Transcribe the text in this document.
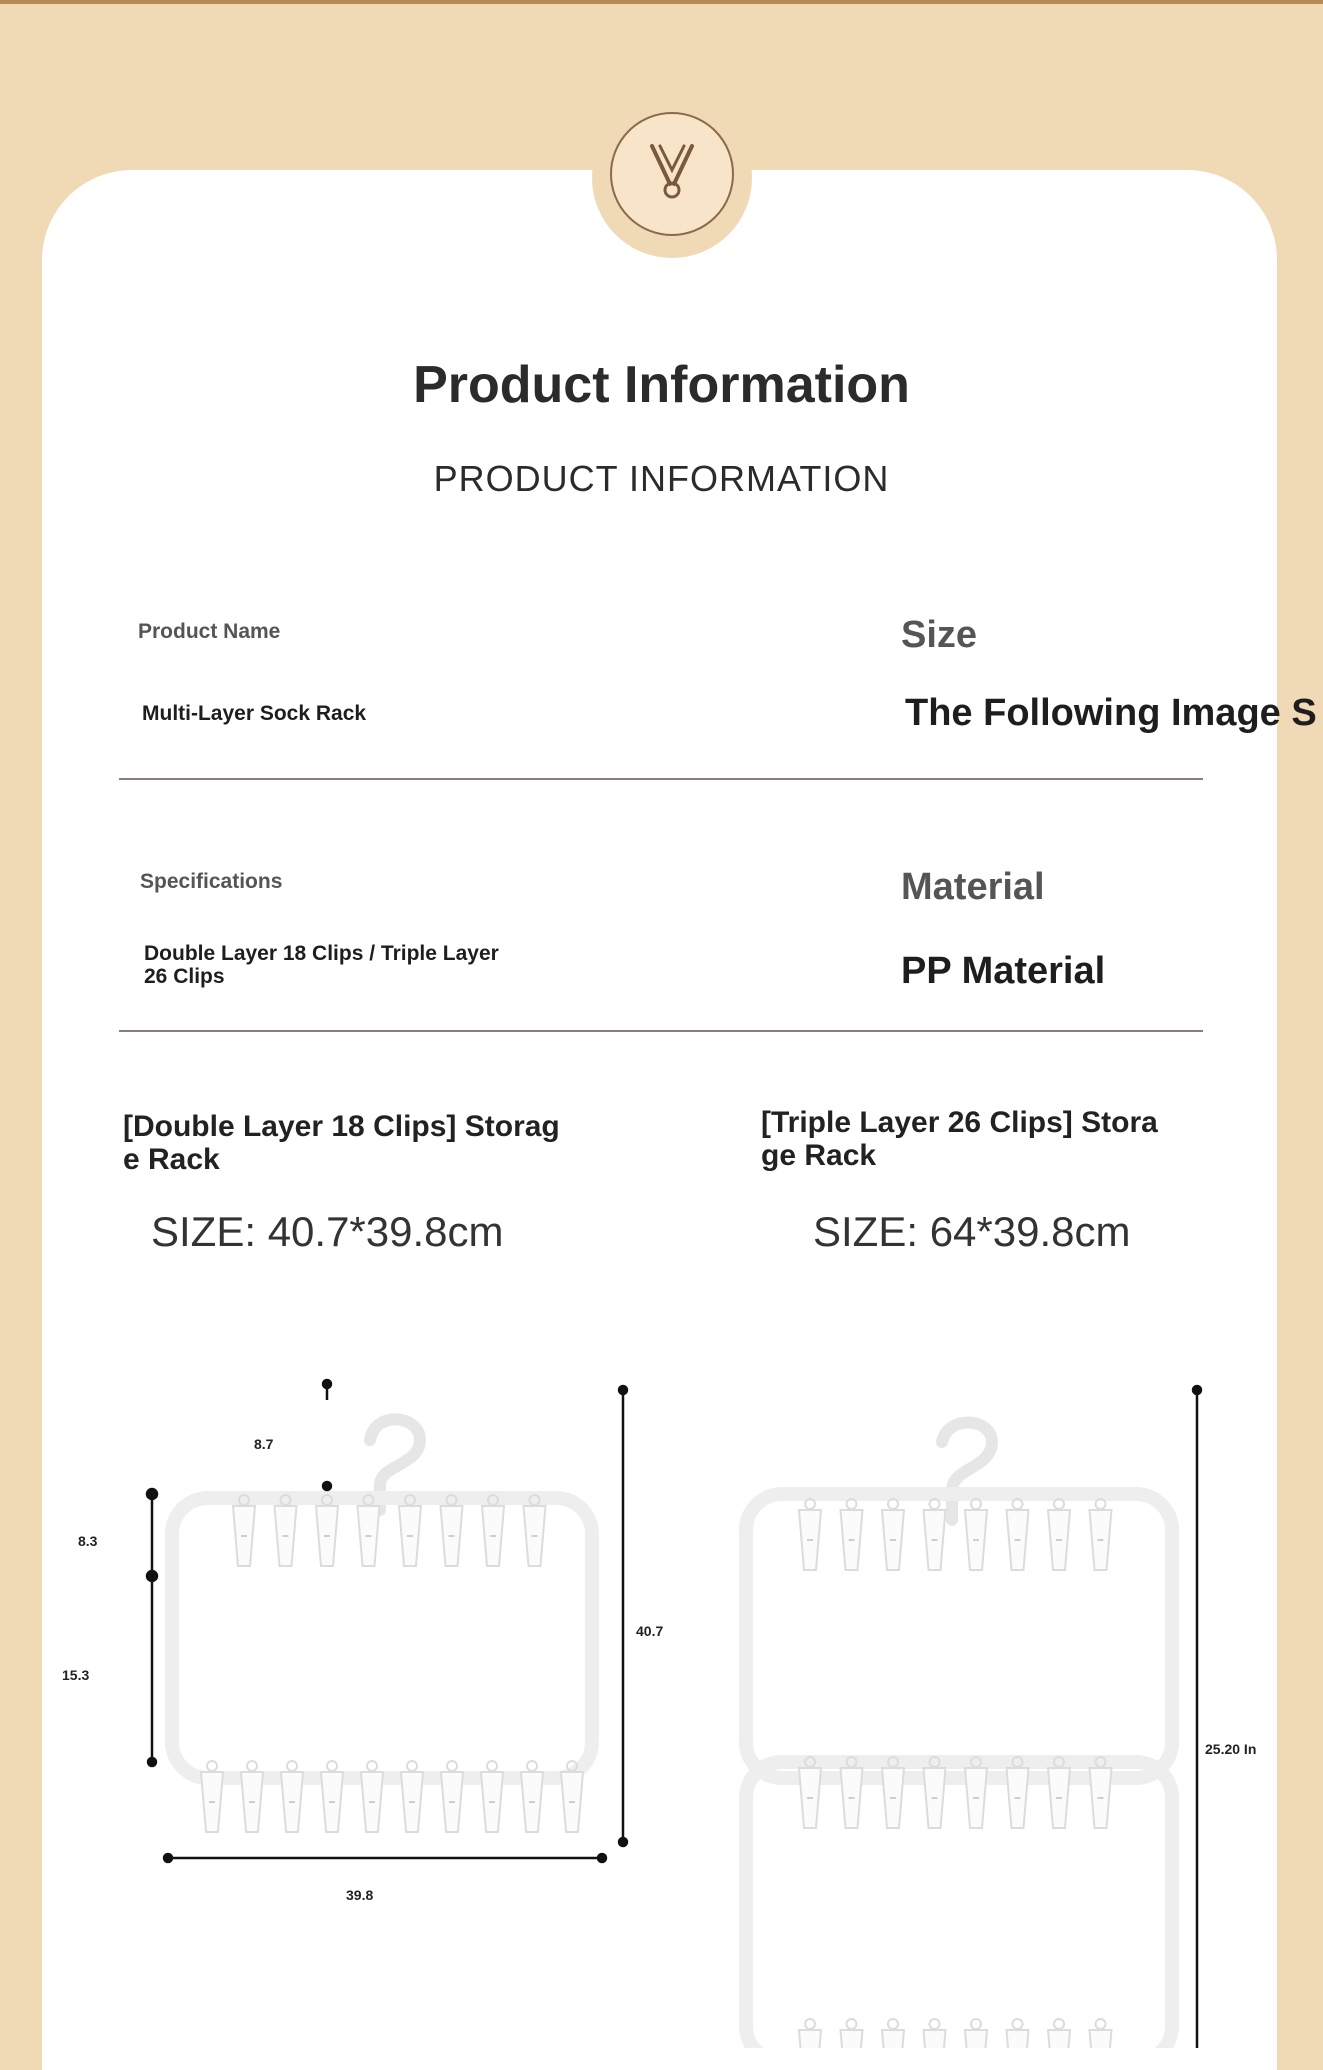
Product Information
PRODUCT INFORMATION
Product Name
Multi-Layer Sock Rack
Size
The Following Image S
Specifications
Double Layer 18 Clips / Triple Layer
26 Clips
Material
PP Material
[Double Layer 18 Clips] Storag
e Rack
[Triple Layer 26 Clips] Stora
ge Rack
SIZE: 40.7*39.8cm	SIZE: 64*39.8cm
8.7
8.3
15.3
40.7
39.8
25.20 In
